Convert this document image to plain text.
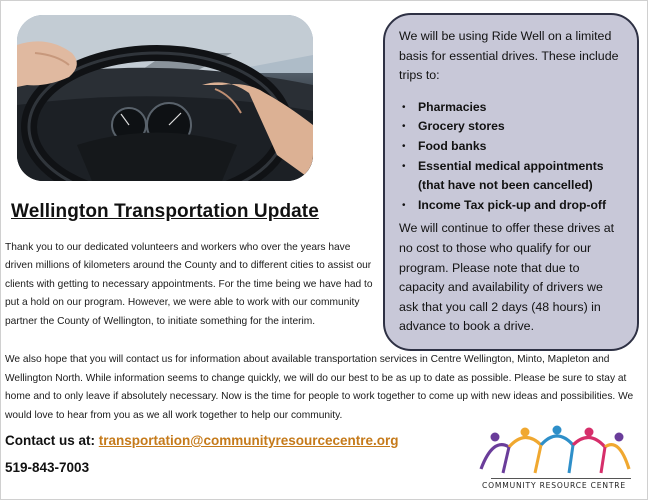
We will be using Ride Well on a limited basis for essential drives. These include trips to:

• Pharmacies
• Grocery stores
• Food banks
• Essential medical appointments (that have not been cancelled)
• Income Tax pick-up and drop-off

We will continue to offer these drives at no cost to those who qualify for our program. Please note that due to capacity and availability of drivers we ask that you call 2 days (48 hours) in advance to book a drive.

Wellington Transportation Update

Thank you to our dedicated volunteers and workers who over the years have driven millions of kilometers around the County and to different cities to assist our clients with getting to necessary appointments. For the time being we have had to put a hold on our program. However, we were able to work with our community partner the County of Wellington, to initiate something for the interim.

We also hope that you will contact us for information about available transportation services in Centre Wellington, Minto, Mapleton and Wellington North. While information seems to change quickly, we will do our best to be as up to date as possible. Please be sure to stay at home and to only leave if absolutely necessary. Now is the time for people to work together to come up with new ideas and possibilities. We would love to hear from you as we all work together to help our community.

Contact us at: transportation@communityresourcecentre.org
519-843-7003
COMMUNITY RESOURCE CENTRE
